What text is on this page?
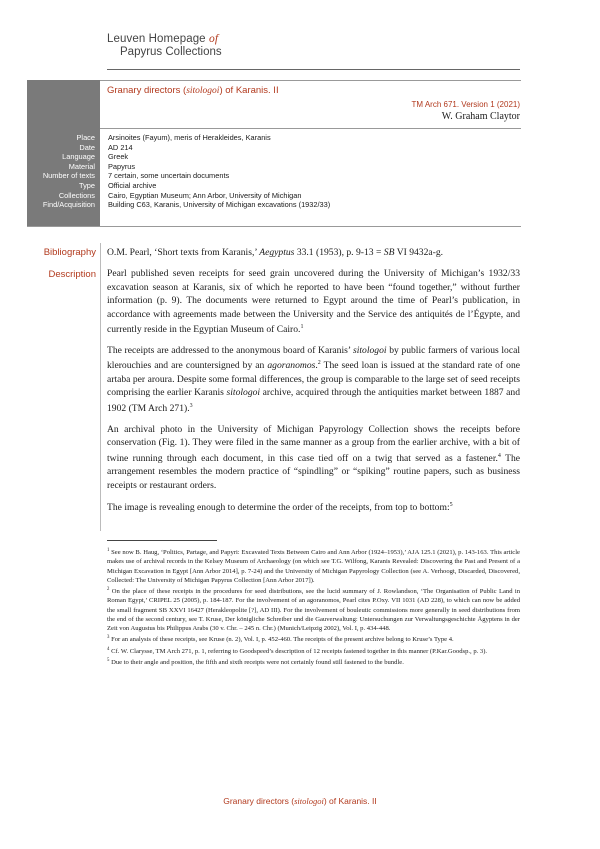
Leuven Homepage of
Papyrus Collections
Granary directors (sitologoi) of Karanis. II
TM Arch 671. Version 1 (2021)
W. Graham Claytor
Place	Arsinoites (Fayum), meris of Herakleides, Karanis
Date	AD 214
Language	Greek
Material	Papyrus
Number of texts	7 certain, some uncertain documents
Type	Official archive
Collections	Cairo, Egyptian Museum; Ann Arbor, University of Michigan
Find/Acquisition	Building C63, Karanis, University of Michigan excavations (1932/33)
Bibliography O.M. Pearl, ‘Short texts from Karanis,’ Aegyptus 33.1 (1953), p. 9-13 = SB VI 9432a-g.
Description Pearl published seven receipts for seed grain uncovered during the University of Michigan’s 1932/33 excavation season at Karanis, six of which he reported to have been “found together,” without further information (p. 9). The documents were returned to Egypt around the time of Pearl’s publication, in accordance with agreements made between the University and the Service des antiquités de l’Égypte, and currently reside in the Egyptian Museum of Cairo.$^1$

The receipts are addressed to the anonymous board of Karanis’ sitologoi by public farmers of various local klerouchies and are countersigned by an agoranomos.$^2$ The seed loan is issued at the standard rate of one artaba per aroura. Despite some formal differences, the group is comparable to the large set of seed receipts comprising the earlier Karanis sitologoi archive, acquired through the antiquities market between 1887 and 1902 (TM Arch 271).$^3$

An archival photo in the University of Michigan Papyrology Collection shows the receipts before conservation (Fig. 1). They were filed in the same manner as a group from the earlier archive, with a bit of twine running through each document, in this case tied off on a twig that served as a fastener.$^4$ The arrangement resembles the modern practice of “spindling” or “spiking” routine papers, such as business receipts or restaurant orders.

The image is revealing enough to determine the order of the receipts, from top to bottom:$^5$

$^1$ See now B. Haug, ‘Politics, Partage, and Papyri: Excavated Texts Between Cairo and Ann Arbor (1924–1953),’ AJA 125.1 (2021), p. 143-163. This article makes use of archival records in the Kelsey Museum of Archaeology (on which see T.G. Wilfong, Karanis Revealed: Discovering the Past and Present of a Michigan Excavation in Egypt [Ann Arbor 2014], p. 7-24) and the University of Michigan Papyrology Collection (see A. Verhoogt, Discarded, Discovered, Collected: The University of Michigan Papyrus Collection [Ann Arbor 2017]).

$^2$ On the place of these receipts in the procedures for seed distributions, see the lucid summary of J. Rowlandson, ‘The Organisation of Public Land in Roman Egypt,’ CRIPEL 25 (2005), p. 184-187. For the involvement of an agoranomos, Pearl cites P.Oxy. VII 1031 (AD 228), to which can now be added the small fragment SB XXVI 16427 (Herakleopolite [?], AD III). For the involvement of bouleutic commissions more generally in seed distributions from the end of the second century, see T. Kruse, Der königliche Schreiber und die Gauverwaltung: Untersuchungen zur Verwaltungsgeschichte Ägyptens in der Zeit von Augustus bis Philippus Arabs (30 v. Chr. – 245 n. Chr.) (Munich/Leipzig 2002), Vol. I, p. 434-448.

$^3$ For an analysis of these receipts, see Kruse (n. 2), Vol. I, p. 452-460. The receipts of the present archive belong to Kruse’s Type 4.

$^4$ Cf. W. Clarysse, TM Arch 271, p. 1, referring to Goodspeed’s description of 12 receipts fastened together in this manner (P.Kar.Goodsp., p. 3).

$^5$ Due to their angle and position, the fifth and sixth receipts were not certainly found still fastened to the bundle.

Granary directors (sitologoi) of Karanis. II
